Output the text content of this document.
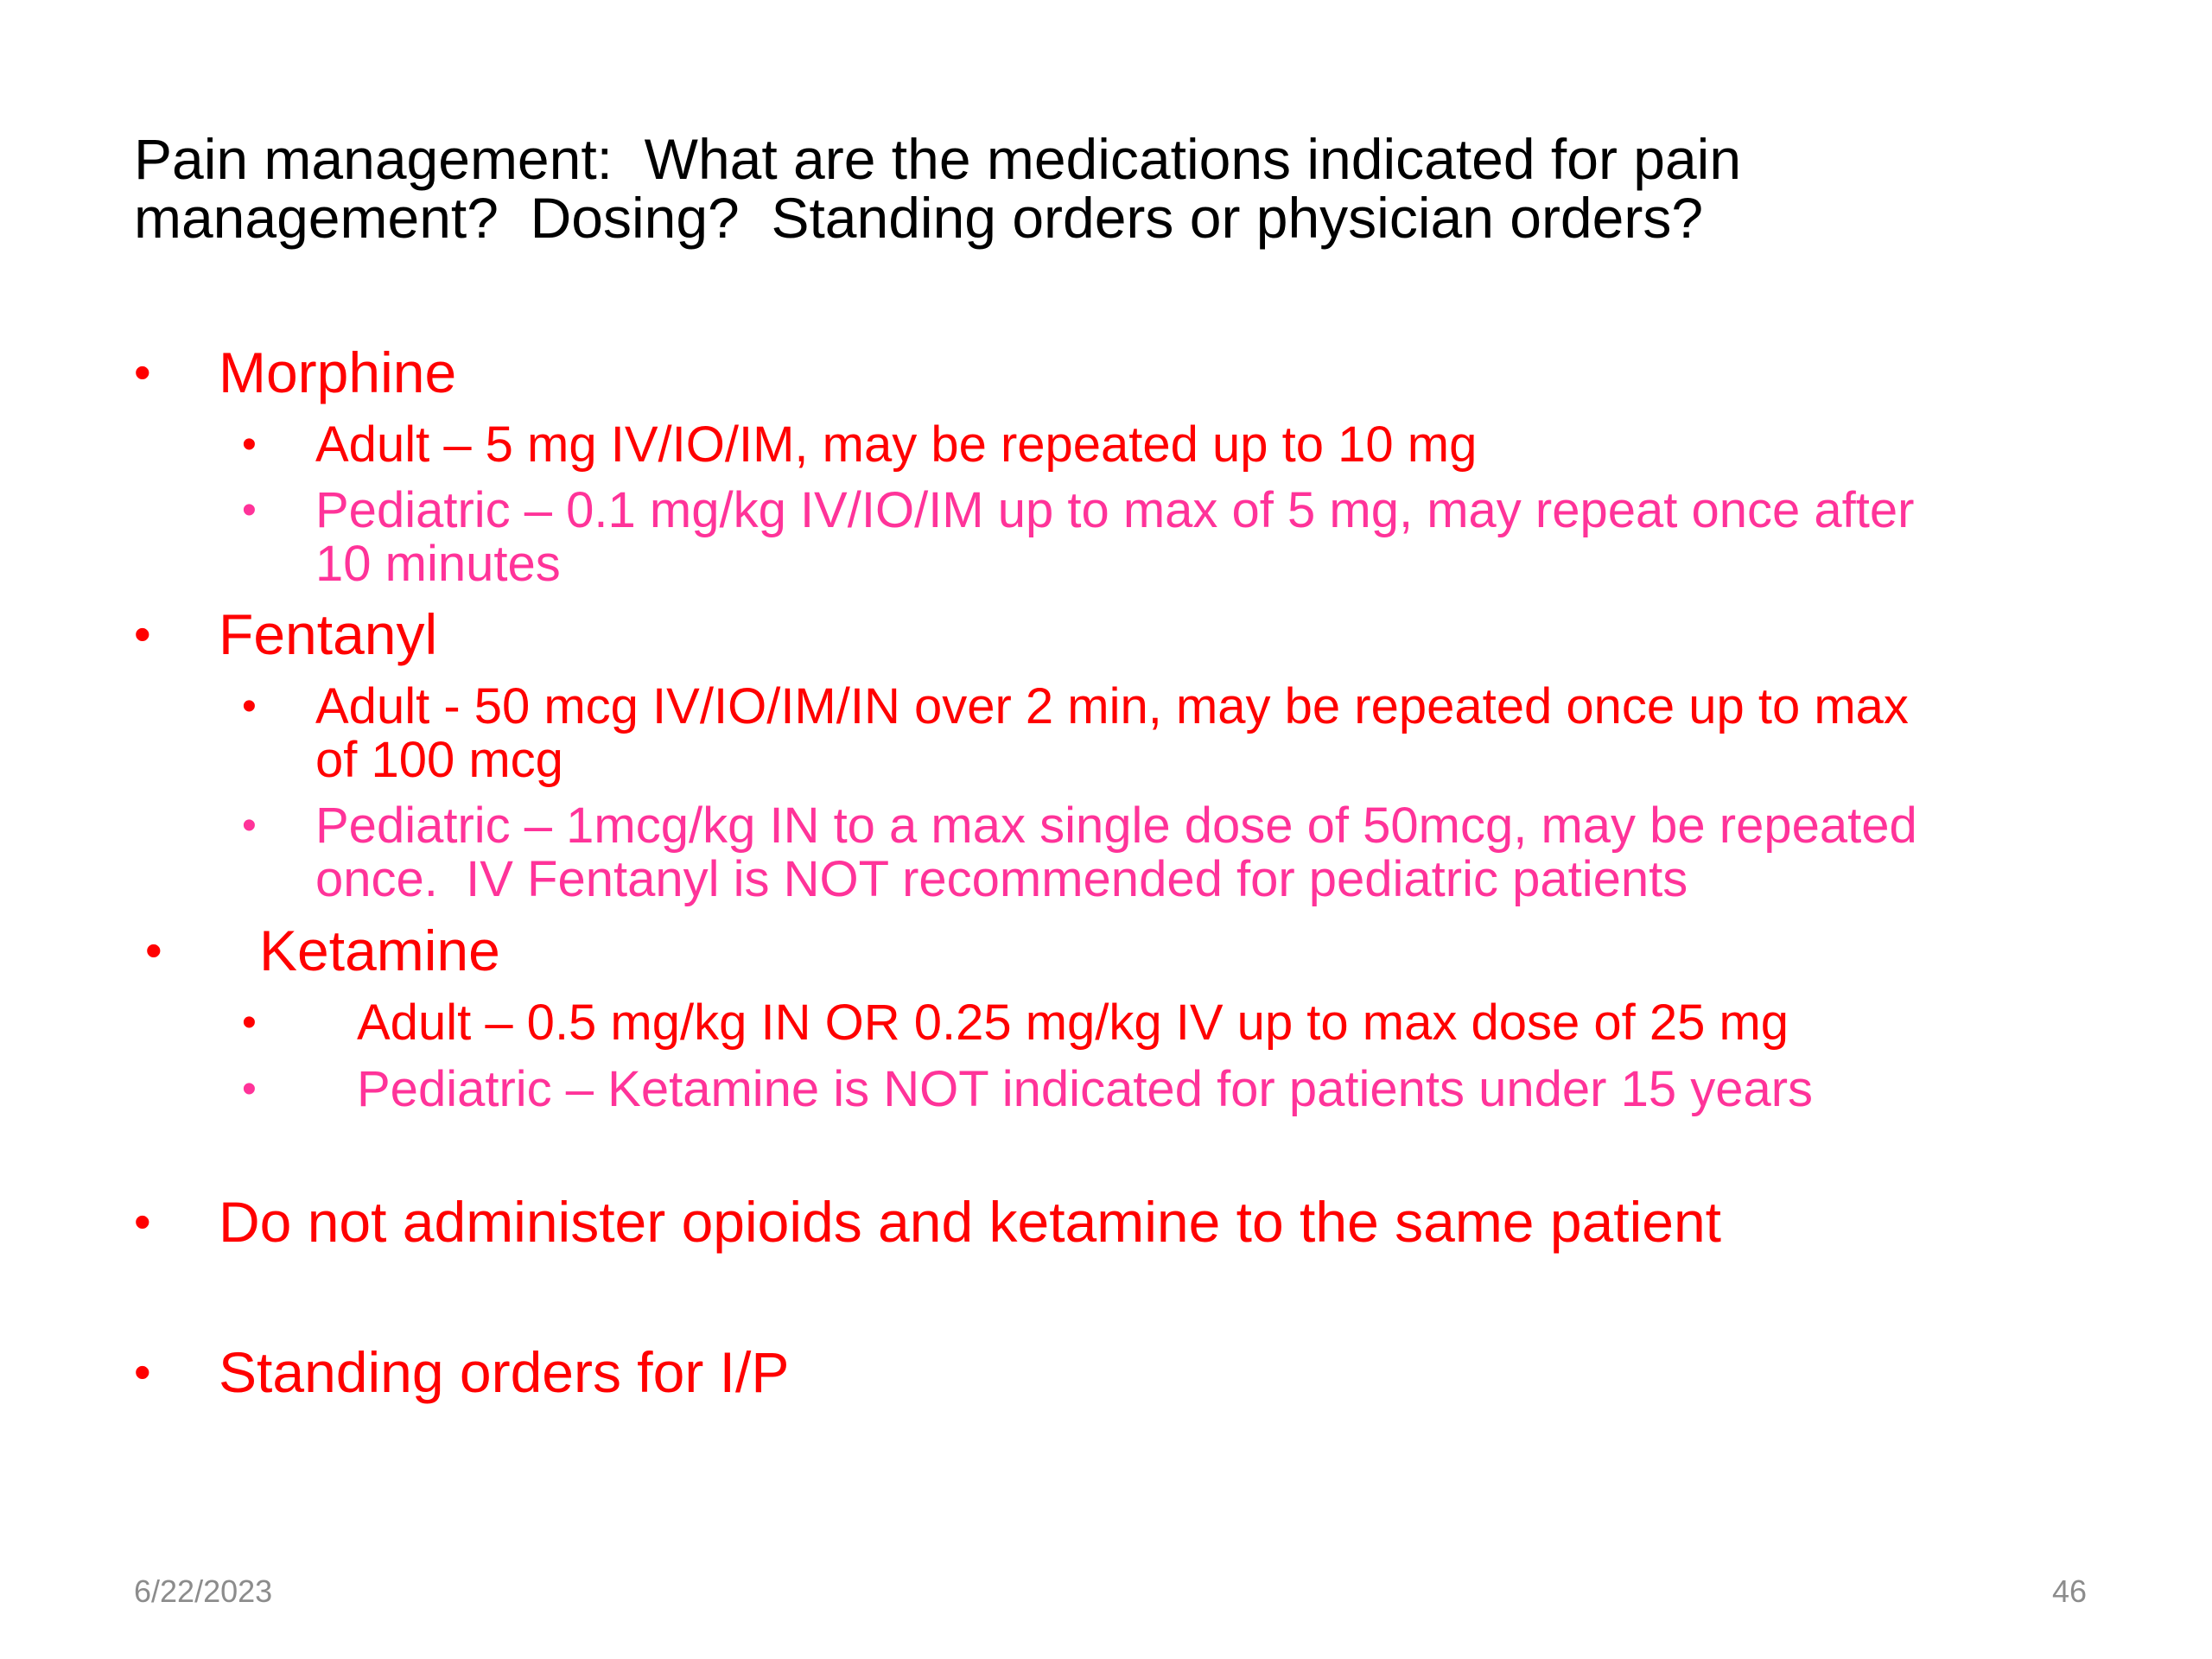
Pain management:  What are the medications indicated for pain
management?  Dosing?  Standing orders or physician orders?
• Morphine
• Adult – 5 mg IV/IO/IM, may be repeated up to 10 mg
• Pediatric – 0.1 mg/kg IV/IO/IM up to max of 5 mg, may repeat once after
10 minutes
• Fentanyl
• Adult - 50 mcg IV/IO/IM/IN over 2 min, may be repeated once up to max
of 100 mcg
• Pediatric – 1mcg/kg IN to a max single dose of 50mcg, may be repeated
once.  IV Fentanyl is NOT recommended for pediatric patients
• Ketamine
• Adult – 0.5 mg/kg IN OR 0.25 mg/kg IV up to max dose of 25 mg
• Pediatric – Ketamine is NOT indicated for patients under 15 years
• Do not administer opioids and ketamine to the same patient
• Standing orders for I/P
6/22/2023	46
